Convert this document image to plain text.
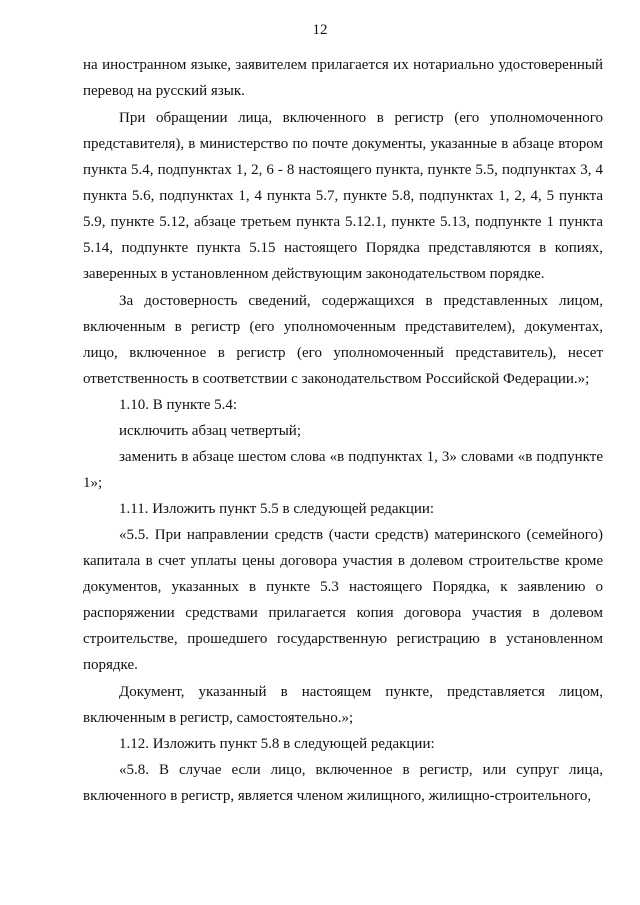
12

на иностранном языке, заявителем прилагается их нотариально удостоверенный перевод на русский язык.

При обращении лица, включенного в регистр (его уполномоченного представителя), в министерство по почте документы, указанные в абзаце втором пункта 5.4, подпунктах 1, 2, 6 - 8 настоящего пункта, пункте 5.5, подпунктах 3, 4 пункта 5.6, подпунктах 1, 4 пункта 5.7, пункте 5.8, подпунктах 1, 2, 4, 5 пункта 5.9, пункте 5.12, абзаце третьем пункта 5.12.1, пункте 5.13, подпункте 1 пункта 5.14, подпункте пункта 5.15 настоящего Порядка представляются в копиях, заверенных в установленном действующим законодательством порядке.

За достоверность сведений, содержащихся в представленных лицом, включенным в регистр (его уполномоченным представителем), документах, лицо, включенное в регистр (его уполномоченный представитель), несет ответственность в соответствии с законодательством Российской Федерации.»;

1.10. В пункте 5.4:

исключить абзац четвертый;

заменить в абзаце шестом слова «в подпунктах 1, 3» словами «в подпункте 1»;

1.11. Изложить пункт 5.5 в следующей редакции:

«5.5. При направлении средств (части средств) материнского (семейного) капитала в счет уплаты цены договора участия в долевом строительстве кроме документов, указанных в пункте 5.3 настоящего Порядка, к заявлению о распоряжении средствами прилагается копия договора участия в долевом строительстве, прошедшего государственную регистрацию в установленном порядке.

Документ, указанный в настоящем пункте, представляется лицом, включенным в регистр, самостоятельно.»;

1.12. Изложить пункт 5.8 в следующей редакции:

«5.8. В случае если лицо, включенное в регистр, или супруг лица, включенного в регистр, является членом жилищного, жилищно-строительного,
